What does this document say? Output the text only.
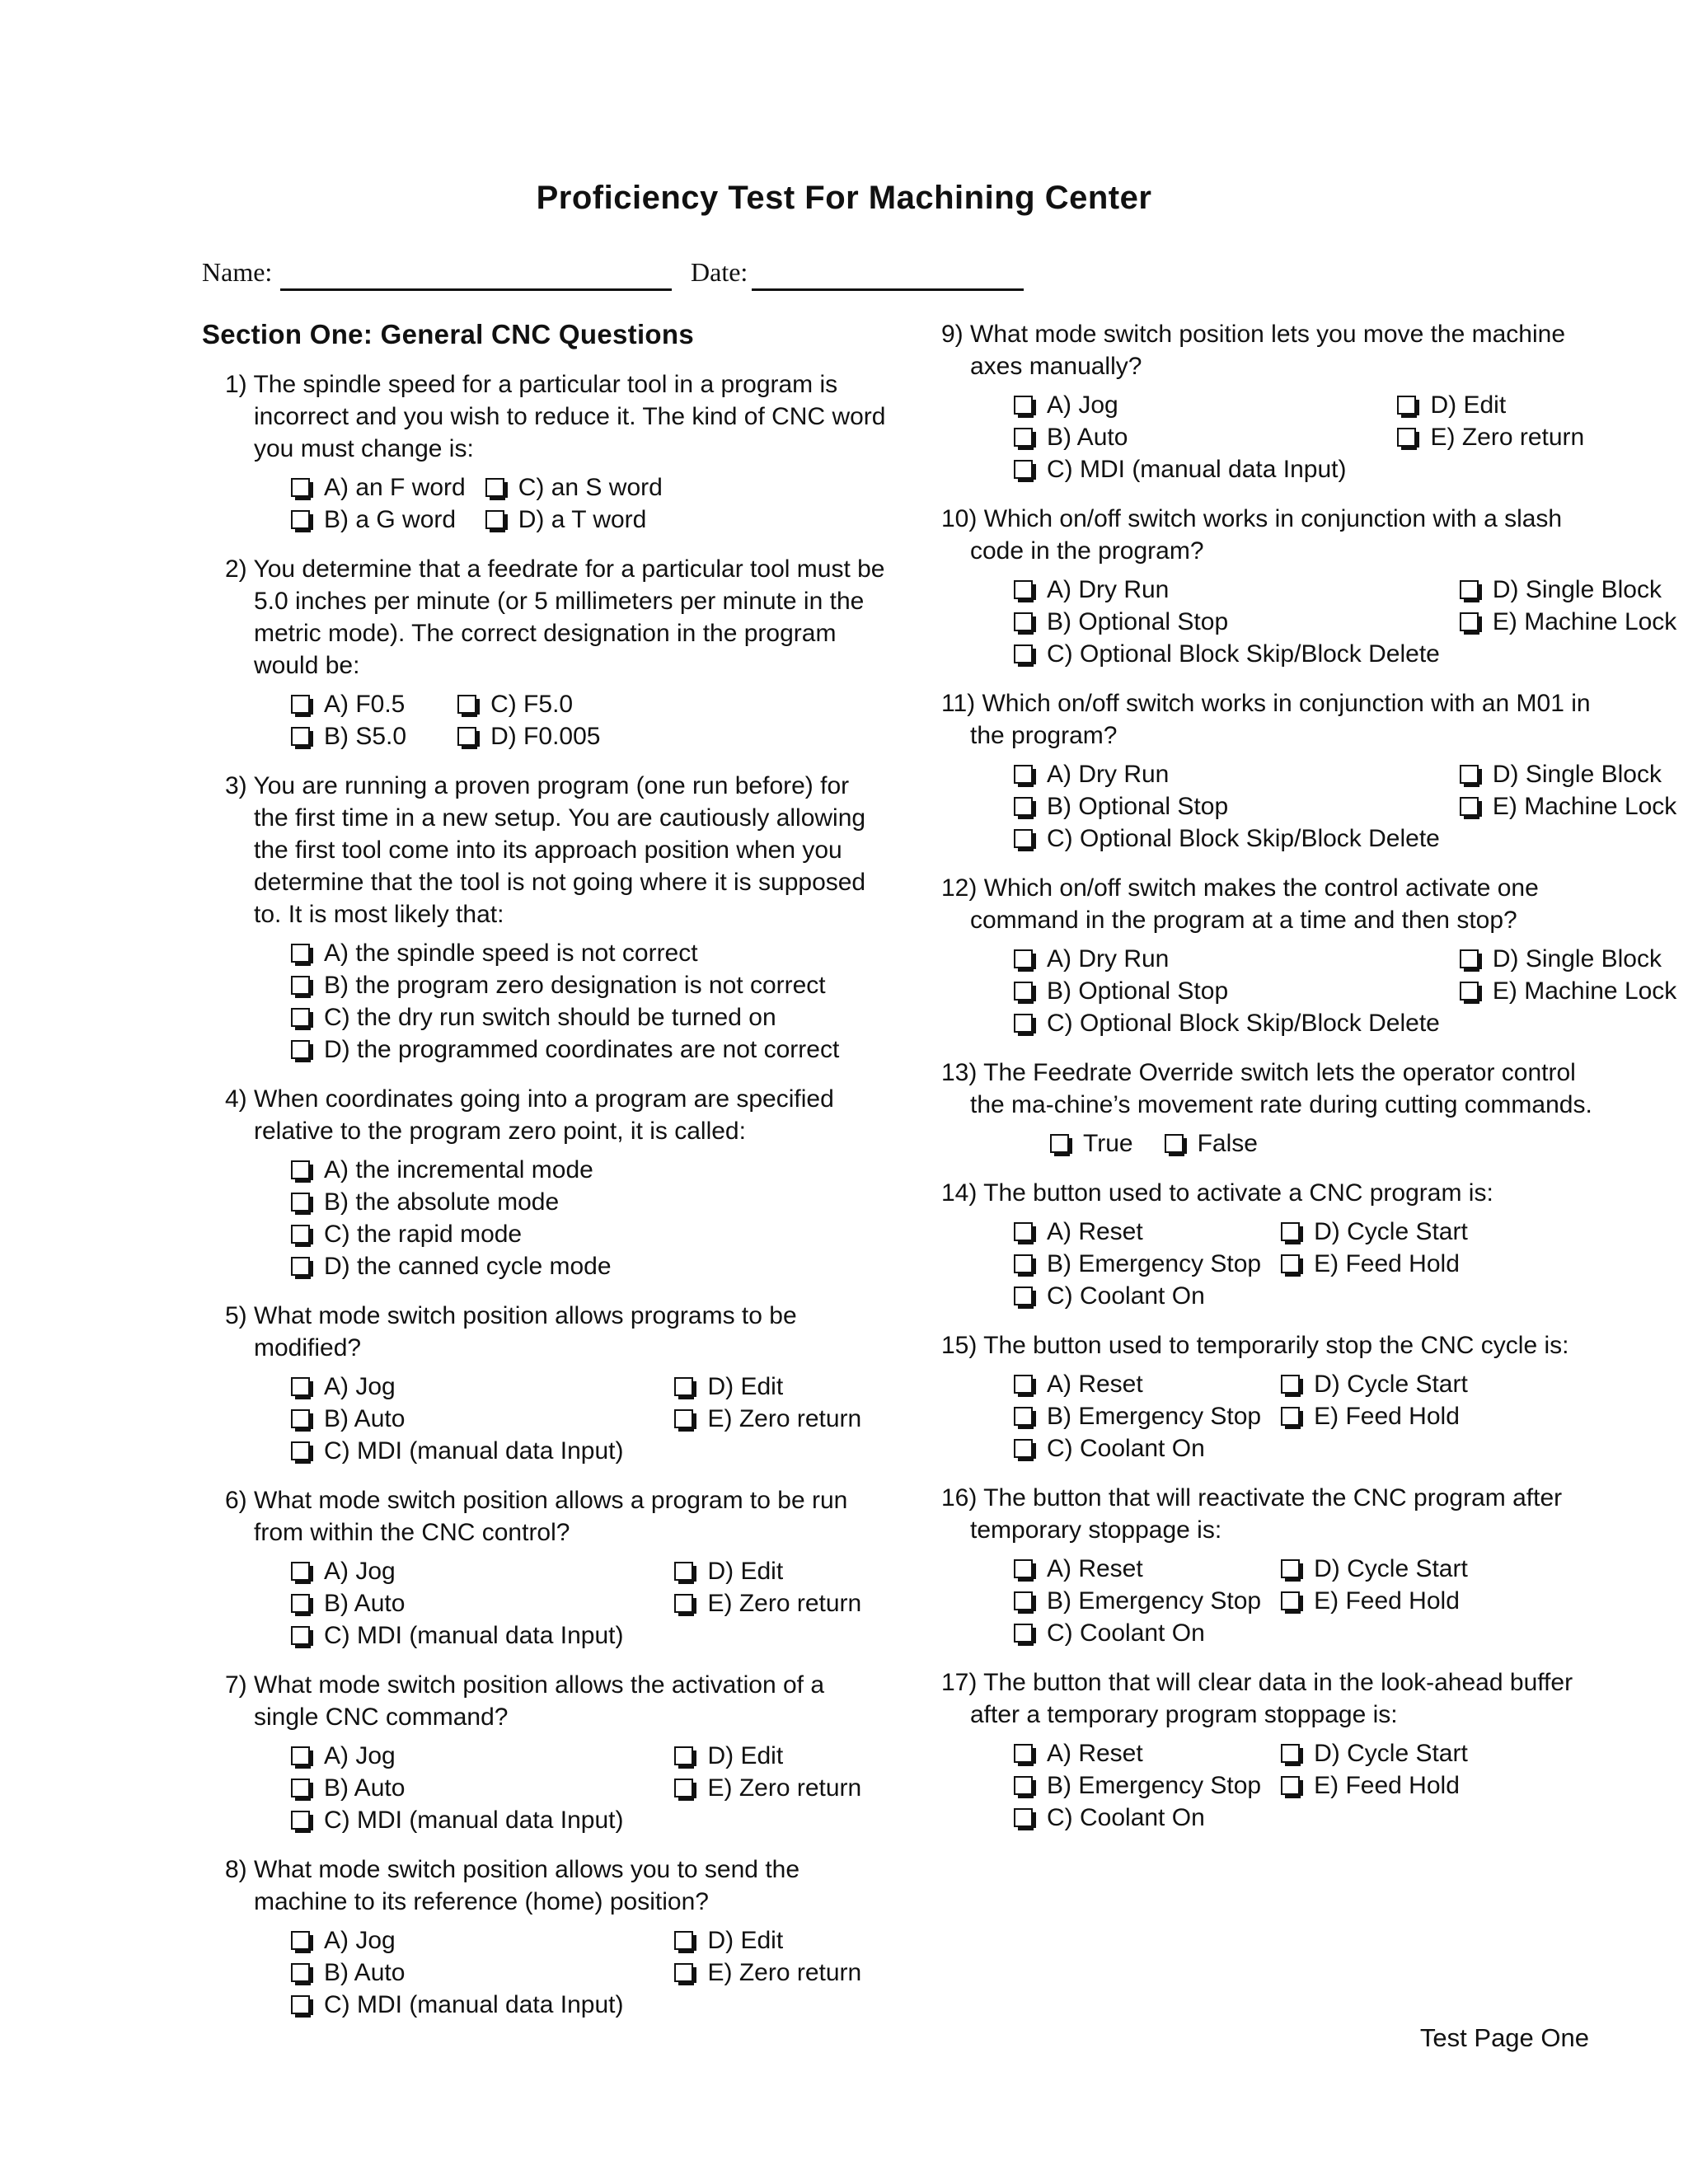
Proficiency Test For Machining Center
Name:	Date:
Section One: General CNC Questions
1) The spindle speed for a particular tool in a program is incorrect and you wish to reduce it. The kind of CNC word you must change is:
A) an F word C) an S word
B) a G word	D) a T word
2) You determine that a feedrate for a particular tool must be 5.0 inches per minute (or 5 millimeters per minute in the metric mode). The correct designation in the program would be:
A) F0.5	C) F5.0
B) S5.0	D) F0.005
3) You are running a proven program (one run before) for the first time in a new setup. You are cautiously allowing the first tool come into its approach position when you determine that the tool is not going where it is supposed to. It is most likely that:
A) the spindle speed is not correct
B) the program zero designation is not correct
C) the dry run switch should be turned on
D) the programmed coordinates are not correct
4) When coordinates going into a program are specified relative to the program zero point, it is called:
A) the incremental mode
B) the absolute mode
C) the rapid mode
D) the canned cycle mode
5) What mode switch position allows programs to be modified?
A) Jog	D) Edit
B) Auto	E) Zero return
C) MDI (manual data Input)
6) What mode switch position allows a program to be run from within the CNC control?
A) Jog	D) Edit
B) Auto	E) Zero return
C) MDI (manual data Input)
7) What mode switch position allows the activation of a single CNC command?
A) Jog	D) Edit
B) Auto	E) Zero return
C) MDI (manual data Input)
8) What mode switch position allows you to send the machine to its reference (home) position?
A) Jog	D) Edit
B) Auto	E) Zero return
C) MDI (manual data Input)
9) What mode switch position lets you move the machine axes manually?
A) Jog	D) Edit
B) Auto	E) Zero return
C) MDI (manual data Input)
10) Which on/off switch works in conjunction with a slash code in the program?
A) Dry Run	D) Single Block
B) Optional Stop	E) Machine Lock
C) Optional Block Skip/Block Delete
11) Which on/off switch works in conjunction with an M01 in the program?
A) Dry Run	D) Single Block
B) Optional Stop	E) Machine Lock
C) Optional Block Skip/Block Delete
12) Which on/off switch makes the control activate one command in the program at a time and then stop?
A) Dry Run	D) Single Block
B) Optional Stop	E) Machine Lock
C) Optional Block Skip/Block Delete
13) The Feedrate Override switch lets the operator control the ma-chine’s movement rate during cutting commands.
True	False
14) The button used to activate a CNC program is:
A) Reset	D) Cycle Start
B) Emergency Stop E) Feed Hold
C) Coolant On
15) The button used to temporarily stop the CNC cycle is:
A) Reset	D) Cycle Start
B) Emergency Stop E) Feed Hold
C) Coolant On
16) The button that will reactivate the CNC program after temporary stoppage is:
A) Reset	D) Cycle Start
B) Emergency Stop E) Feed Hold
C) Coolant On
17) The button that will clear data in the look-ahead buffer after a temporary program stoppage is:
A) Reset	D) Cycle Start
B) Emergency Stop E) Feed Hold
C) Coolant On
Test Page One
